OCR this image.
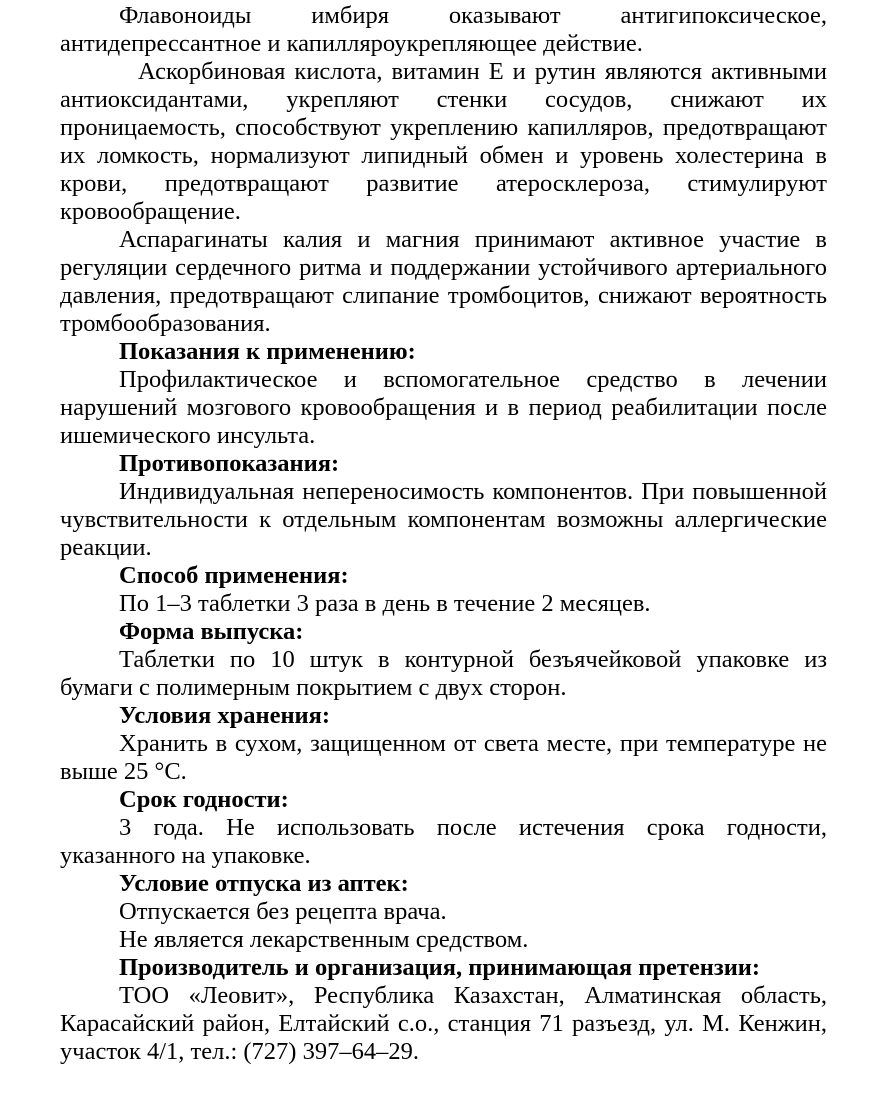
Флавоноиды имбиря оказывают антигипоксическое, антидепрессантное и капилляроукрепляющее действие.

Аскорбиновая кислота, витамин Е и рутин являются активными антиоксидантами, укрепляют стенки сосудов, снижают их проницаемость, способствуют укреплению капилляров, предотвращают их ломкость, нормализуют липидный обмен и уровень холестерина в крови, предотвращают развитие атеросклероза, стимулируют кровообращение.

Аспарагинаты калия и магния принимают активное участие в регуляции сердечного ритма и поддержании устойчивого артериального давления, предотвращают слипание тромбоцитов, снижают вероятность тромбообразования.

Показания к применению:

Профилактическое и вспомогательное средство в лечении нарушений мозгового кровообращения и в период реабилитации после ишемического инсульта.

Противопоказания:

Индивидуальная непереносимость компонентов. При повышенной чувствительности к отдельным компонентам возможны аллергические реакции.

Способ применения:

По 1–3 таблетки 3 раза в день в течение 2 месяцев.

Форма выпуска:

Таблетки по 10 штук в контурной безъячейковой упаковке из бумаги с полимерным покрытием с двух сторон.

Условия хранения:

Хранить в сухом, защищенном от света месте, при температуре не выше 25 °С.

Срок годности:

3 года. Не использовать после истечения срока годности, указанного на упаковке.

Условие отпуска из аптек:

Отпускается без рецепта врача.

Не является лекарственным средством.

Производитель и организация, принимающая претензии:

ТОО «Леовит», Республика Казахстан, Алматинская область, Карасайский район, Елтайский с.о., станция 71 разъезд, ул. М. Кенжин, участок 4/1, тел.: (727) 397–64–29.
